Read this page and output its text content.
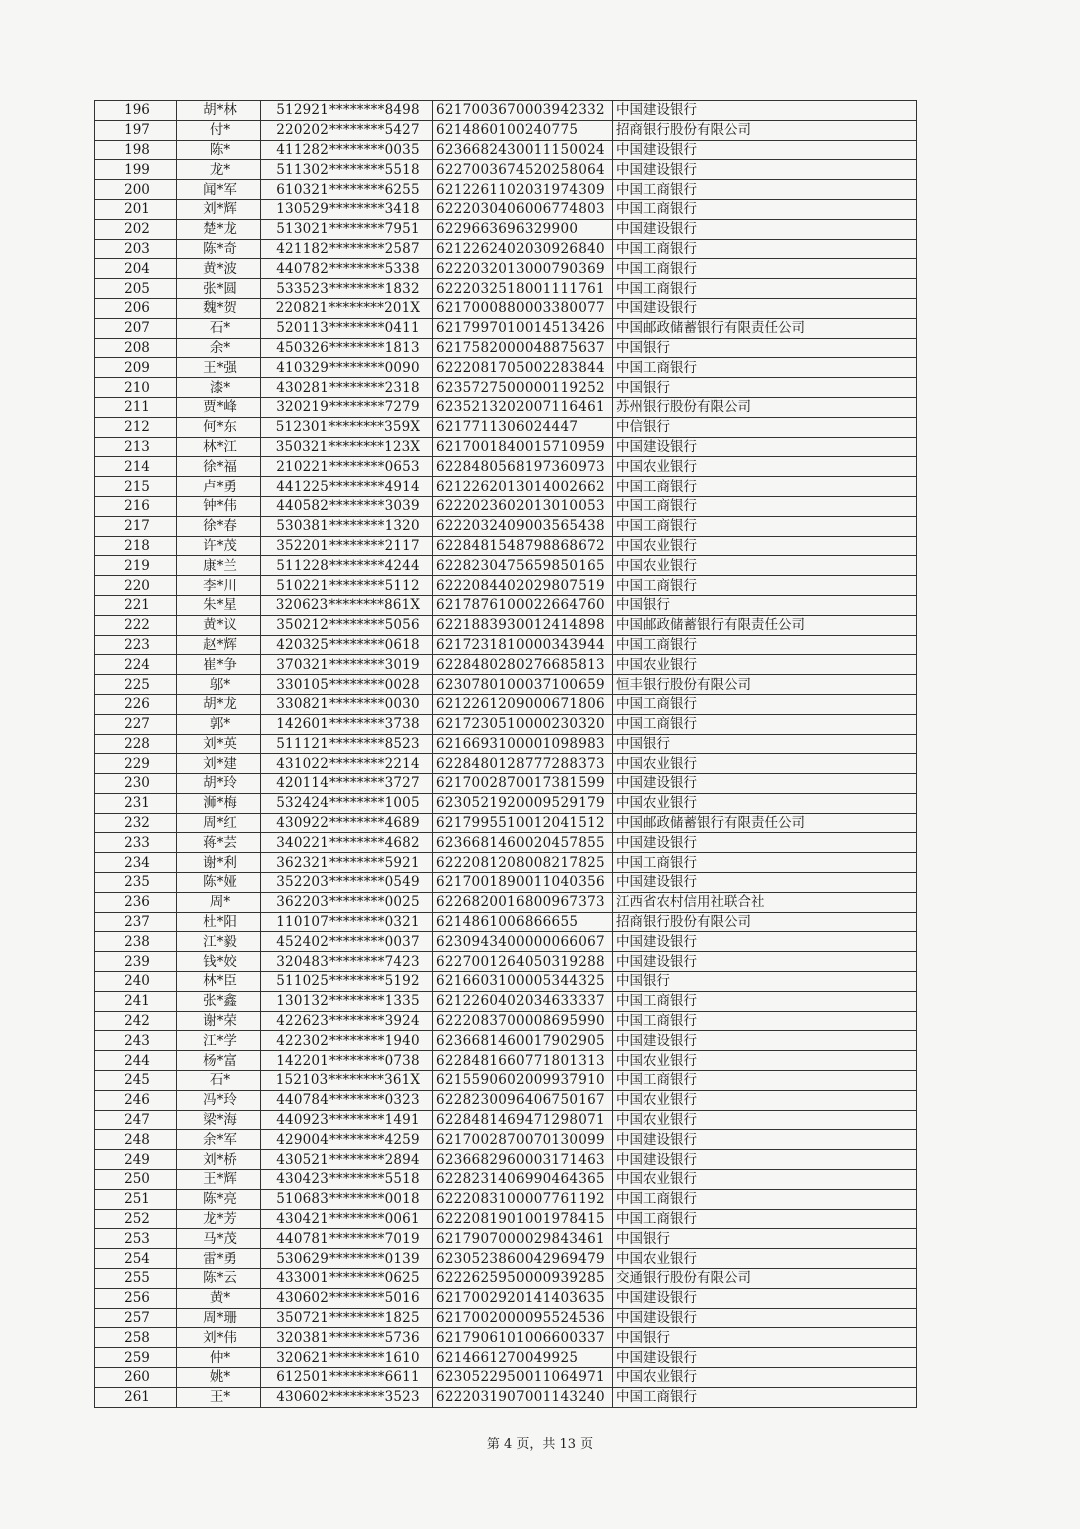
196	胡*林	512921********8498	6217003670003942332	中国建设银行
197	付*	220202********5427	6214860100240775	招商银行股份有限公司
198	陈*	411282********0035	6236682430011150024	中国建设银行
199	龙*	511302********5518	6227003674520258064	中国建设银行
200	闻*军	610321********6255	6212261102031974309	中国工商银行
201	刘*辉	130529********3418	6222030406006774803	中国工商银行
202	楚*龙	513021********7951	6229663696329900	中国建设银行
203	陈*奇	421182********2587	6212262402030926840	中国工商银行
204	黄*波	440782********5338	6222032013000790369	中国工商银行
205	张*圆	533523********1832	6222032518001111761	中国工商银行
206	魏*贺	220821********201X	6217000880003380077	中国建设银行
207	石*	520113********0411	6217997010014513426	中国邮政储蓄银行有限责任公司
208	余*	450326********1813	6217582000048875637	中国银行
209	王*强	410329********0090	6222081705002283844	中国工商银行
210	漆*	430281********2318	6235727500000119252	中国银行
211	贾*峰	320219********7279	6235213202007116461	苏州银行股份有限公司
212	何*东	512301********359X	6217711306024447	中信银行
213	林*江	350321********123X	6217001840015710959	中国建设银行
214	徐*福	210221********0653	6228480568197360973	中国农业银行
215	卢*勇	441225********4914	6212262013014002662	中国工商银行
216	钟*伟	440582********3039	6222023602013010053	中国工商银行
217	徐*春	530381********1320	6222032409003565438	中国工商银行
218	许*茂	352201********2117	6228481548798868672	中国农业银行
219	康*兰	511228********4244	6228230475659850165	中国农业银行
220	李*川	510221********5112	6222084402029807519	中国工商银行
221	朱*星	320623********861X	6217876100022664760	中国银行
222	黄*议	350212********5056	6221883930012414898	中国邮政储蓄银行有限责任公司
223	赵*辉	420325********0618	6217231810000343944	中国工商银行
224	崔*争	370321********3019	6228480280276685813	中国农业银行
225	邬*	330105********0028	6230780100037100659	恒丰银行股份有限公司
226	胡*龙	330821********0030	6212261209000671806	中国工商银行
227	郭*	142601********3738	6217230510000230320	中国工商银行
228	刘*英	511121********8523	6216693100001098983	中国银行
229	刘*建	431022********2214	6228480128777288373	中国农业银行
230	胡*玲	420114********3727	6217002870017381599	中国建设银行
231	浉*梅	532424********1005	6230521920009529179	中国农业银行
232	周*红	430922********4689	6217995510012041512	中国邮政储蓄银行有限责任公司
233	蒋*芸	340221********4682	6236681460020457855	中国建设银行
234	谢*利	362321********5921	6222081208008217825	中国工商银行
235	陈*娅	352203********0549	6217001890011040356	中国建设银行
236	周*	362203********0025	6226820016800967373	江西省农村信用社联合社
237	杜*阳	110107********0321	6214861006866655	招商银行股份有限公司
238	江*毅	452402********0037	6230943400000066067	中国建设银行
239	钱*姣	320483********7423	6227001264050319288	中国建设银行
240	林*臣	511025********5192	6216603100005344325	中国银行
241	张*鑫	130132********1335	6212260402034633337	中国工商银行
242	谢*荣	422623********3924	6222083700008695990	中国工商银行
243	江*学	422302********1940	6236681460017902905	中国建设银行
244	杨*富	142201********0738	6228481660771801313	中国农业银行
245	石*	152103********361X	6215590602009937910	中国工商银行
246	冯*玲	440784********0323	6228230096406750167	中国农业银行
247	梁*海	440923********1491	6228481469471298071	中国农业银行
248	余*军	429004********4259	6217002870070130099	中国建设银行
249	刘*桥	430521********2894	6236682960003171463	中国建设银行
250	王*辉	430423********5518	6228231406990464365	中国农业银行
251	陈*亮	510683********0018	6222083100007761192	中国工商银行
252	龙*芳	430421********0061	6222081901001978415	中国工商银行
253	马*茂	440781********7019	6217907000029843461	中国银行
254	雷*勇	530629********0139	6230523860042969479	中国农业银行
255	陈*云	433001********0625	6222625950000939285	交通银行股份有限公司
256	黄*	430602********5016	6217002920141403635	中国建设银行
257	周*珊	350721********1825	6217002000095524536	中国建设银行
258	刘*伟	320381********5736	6217906101006600337	中国银行
259	仲*	320621********1610	6214661270049925	中国建设银行
260	姚*	612501********6611	6230522950011064971	中国农业银行
261	王*	430602********3523	6222031907001143240	中国工商银行
第 4 页，共 13 页
